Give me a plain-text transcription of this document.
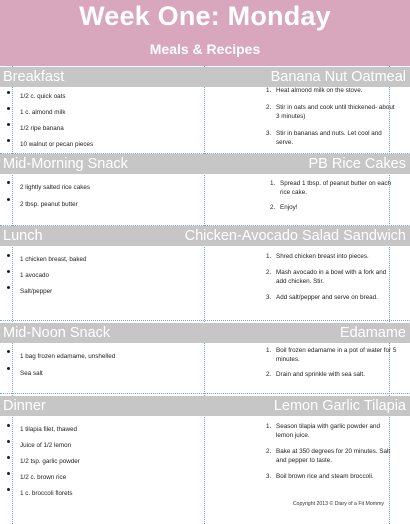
Week One: Monday
Meals & Recipes
Breakfast	Banana Nut Oatmeal
1/2 c. quick oats
1 c. almond milk
1/2 ripe banana
10 walnut or pecan pieces
1. Heat almond milk on the stove.
2. Stir in oats and cook until thickened- about 3 minutes)
3. Stir in bananas and nuts. Let cool and serve.
Mid-Morning Snack	PB Rice Cakes
2 lightly salted rice cakes
2 tbsp. peanut butter
1. Spread 1 tbsp. of peanut butter on each rice cake.
2. Enjoy!
Lunch	Chicken-Avocado Salad Sandwich
1 chicken breast, baked
1 avocado
Salt/pepper
1. Shred chicken breast into pieces.
2. Mash avocado in a bowl with a fork and add chicken. Stir.
3. Add salt/pepper and serve on bread.
Mid-Noon Snack	Edamame
1 bag frozen edamame, unshelled
Sea salt
1. Boil frozen edamame in a pot of water for 5 minutes.
2. Drain and sprinkle with sea salt.
Dinner	Lemon Garlic Tilapia
1 tilapia filet, thawed
Juice of 1/2 lemon
1/2 tsp. garlic powder
1/2 c. brown rice
1 c. broccoli florets
1. Season tilapia with garlic powder and lemon juice.
2. Bake at 350 degrees for 20 minutes. Salt and pepper to taste.
3. Boil brown rice and steam broccoli.
Copyright 2013 © Diary of a Fit Mommy
